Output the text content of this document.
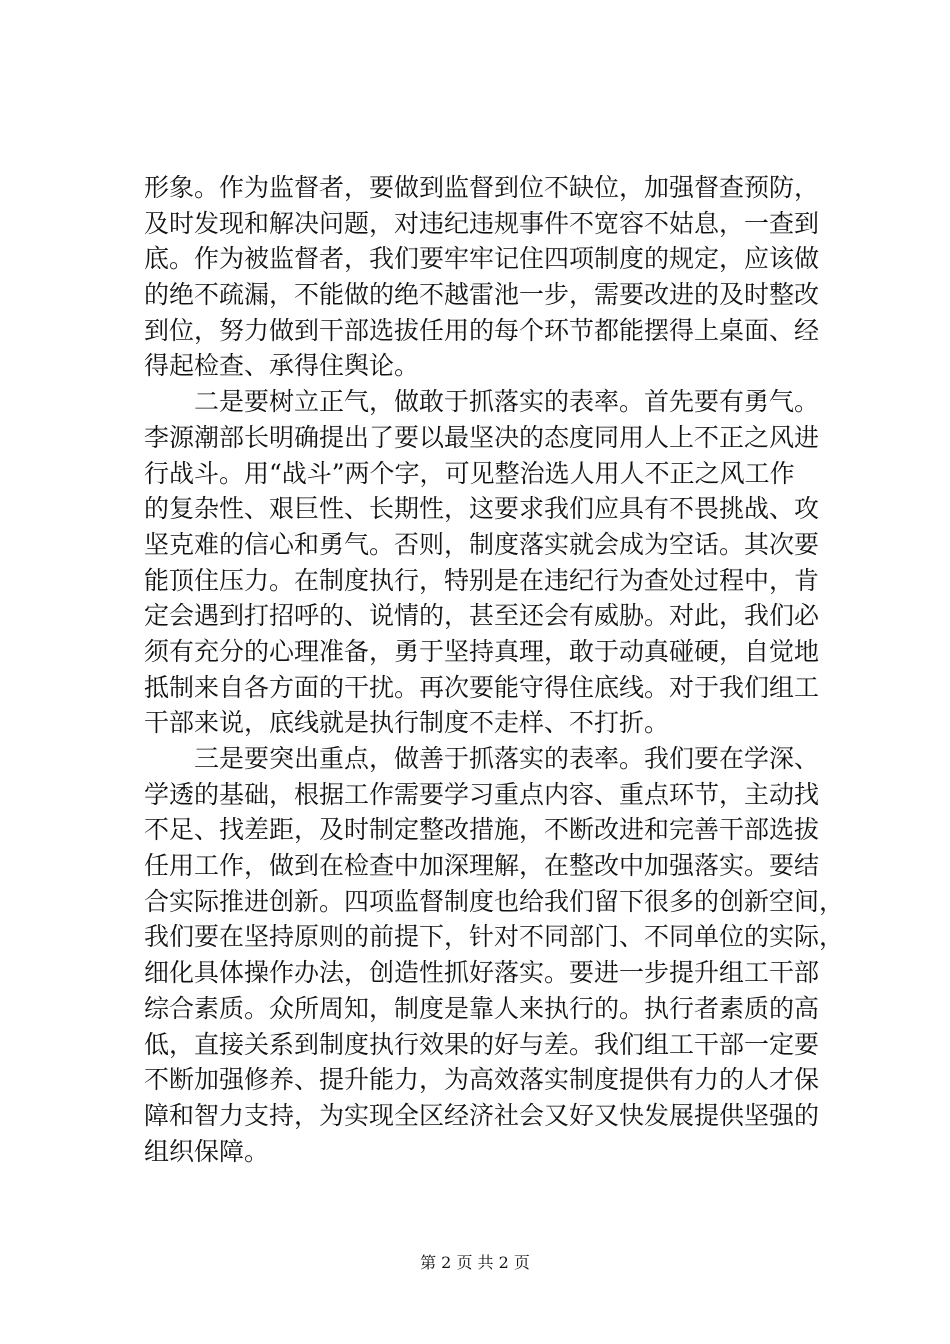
形象。作为监督者，要做到监督到位不缺位，加强督查预防，
及时发现和解决问题，对违纪违规事件不宽容不姑息，一查到
底。作为被监督者，我们要牢牢记住四项制度的规定，应该做
的绝不疏漏，不能做的绝不越雷池一步，需要改进的及时整改
到位，努力做到干部选拔任用的每个环节都能摆得上桌面、经
得起检查、承得住舆论。
二是要树立正气，做敢于抓落实的表率。首先要有勇气。
李源潮部长明确提出了要以最坚决的态度同用人上不正之风进
行战斗。用“战斗”两个字，可见整治选人用人不正之风工作
的复杂性、艰巨性、长期性，这要求我们应具有不畏挑战、攻
坚克难的信心和勇气。否则，制度落实就会成为空话。其次要
能顶住压力。在制度执行，特别是在违纪行为查处过程中，肯
定会遇到打招呼的、说情的，甚至还会有威胁。对此，我们必
须有充分的心理准备，勇于坚持真理，敢于动真碰硬，自觉地
抵制来自各方面的干扰。再次要能守得住底线。对于我们组工
干部来说，底线就是执行制度不走样、不打折。
三是要突出重点，做善于抓落实的表率。我们要在学深、
学透的基础，根据工作需要学习重点内容、重点环节，主动找
不足、找差距，及时制定整改措施，不断改进和完善干部选拔
任用工作，做到在检查中加深理解，在整改中加强落实。要结
合实际推进创新。四项监督制度也给我们留下很多的创新空间，
我们要在坚持原则的前提下，针对不同部门、不同单位的实际，
细化具体操作办法，创造性抓好落实。要进一步提升组工干部
综合素质。众所周知，制度是靠人来执行的。执行者素质的高
低，直接关系到制度执行效果的好与差。我们组工干部一定要
不断加强修养、提升能力，为高效落实制度提供有力的人才保
障和智力支持，为实现全区经济社会又好又快发展提供坚强的
组织保障。
第 2 页 共 2 页
